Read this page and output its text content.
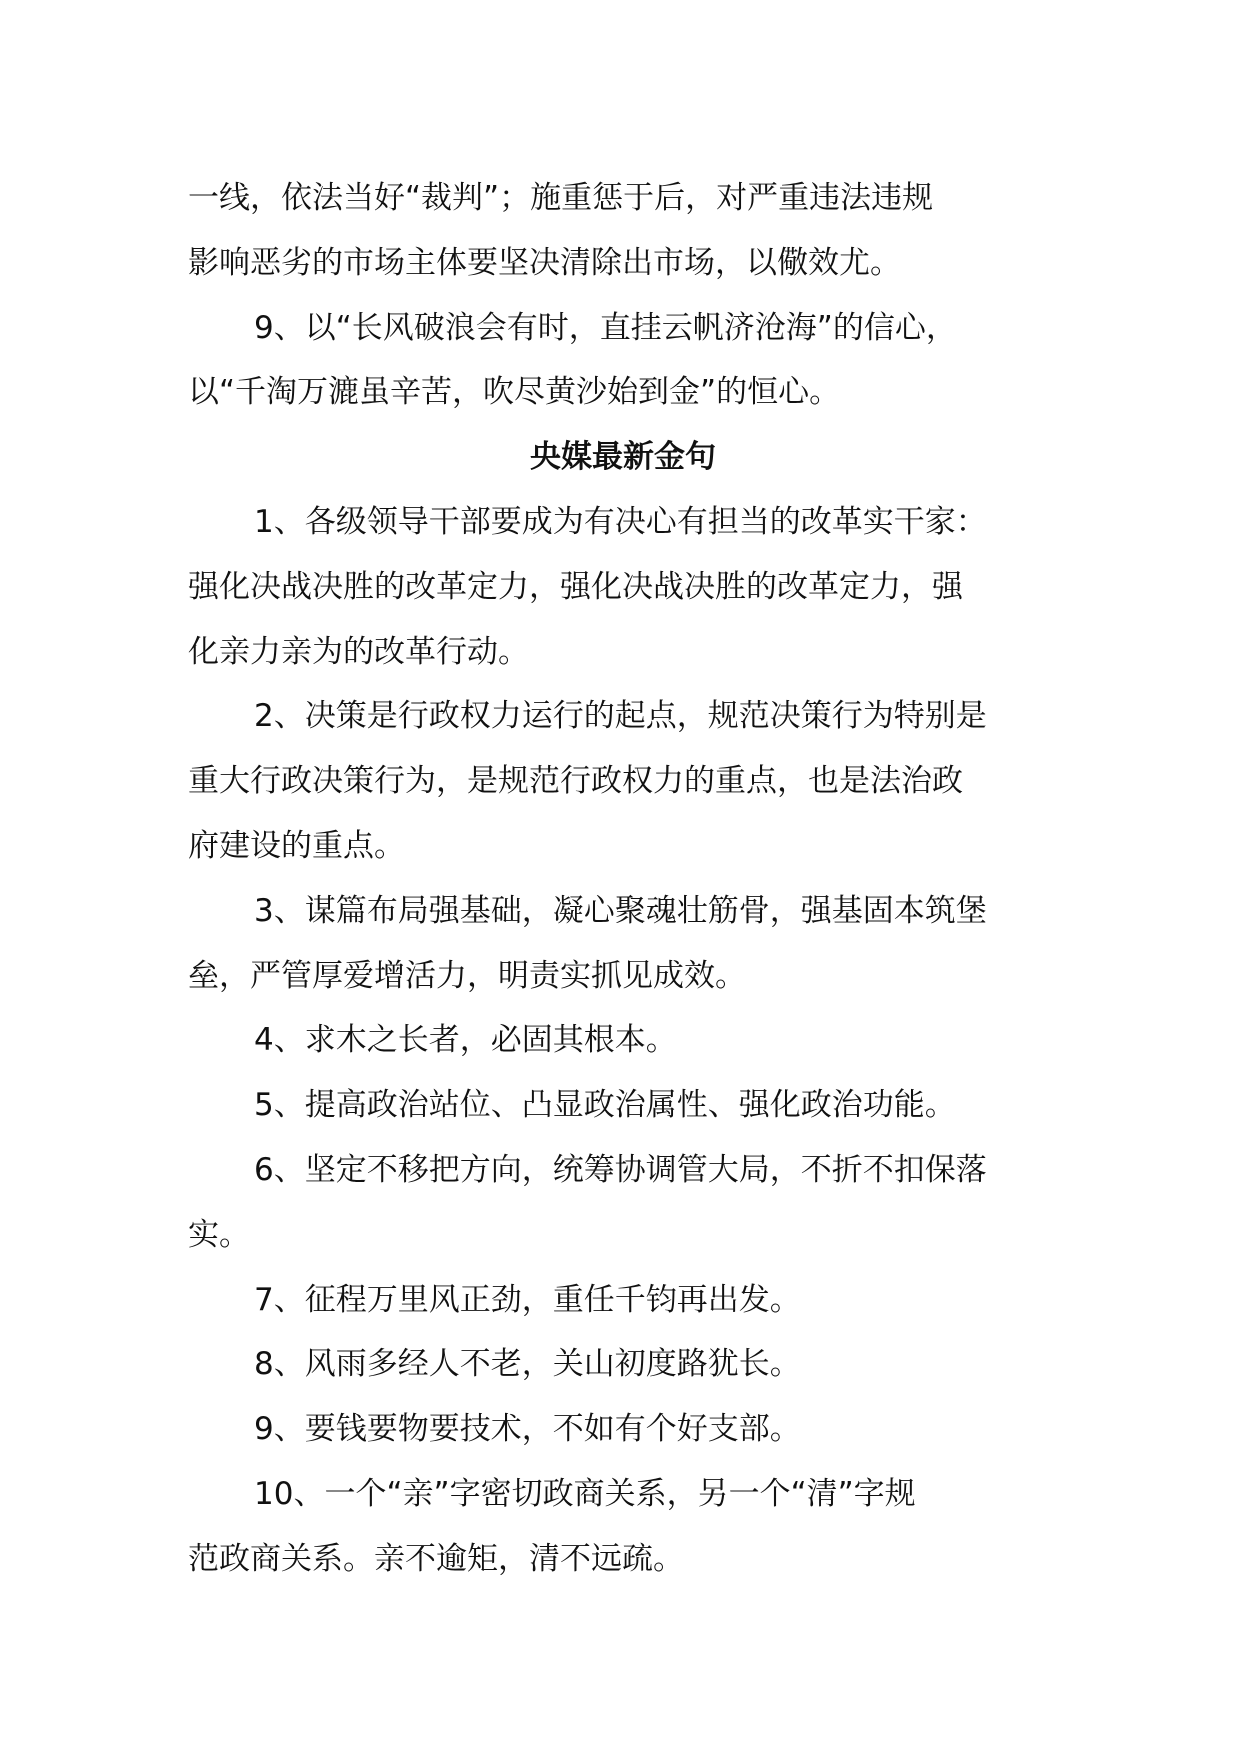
一线，依法当好“裁判”；施重惩于后，对严重违法违规
影响恶劣的市场主体要坚决清除出市场，以儆效尤。
9、以“长风破浪会有时，直挂云帆济沧海”的信心，
以“千淘万漉虽辛苦，吹尽黄沙始到金”的恒心。
央媒最新金句
1、各级领导干部要成为有决心有担当的改革实干家：
强化决战决胜的改革定力，强化决战决胜的改革定力，强
化亲力亲为的改革行动。
2、决策是行政权力运行的起点，规范决策行为特别是
重大行政决策行为，是规范行政权力的重点，也是法治政
府建设的重点。
3、谋篇布局强基础，凝心聚魂壮筋骨，强基固本筑堡
垒，严管厚爱增活力，明责实抓见成效。
4、求木之长者，必固其根本。
5、提高政治站位、凸显政治属性、强化政治功能。
6、坚定不移把方向，统筹协调管大局，不折不扣保落
实。
7、征程万里风正劲，重任千钧再出发。
8、风雨多经人不老，关山初度路犹长。
9、要钱要物要技术，不如有个好支部。
10、一个“亲”字密切政商关系，另一个“清”字规
范政商关系。亲不逾矩，清不远疏。
